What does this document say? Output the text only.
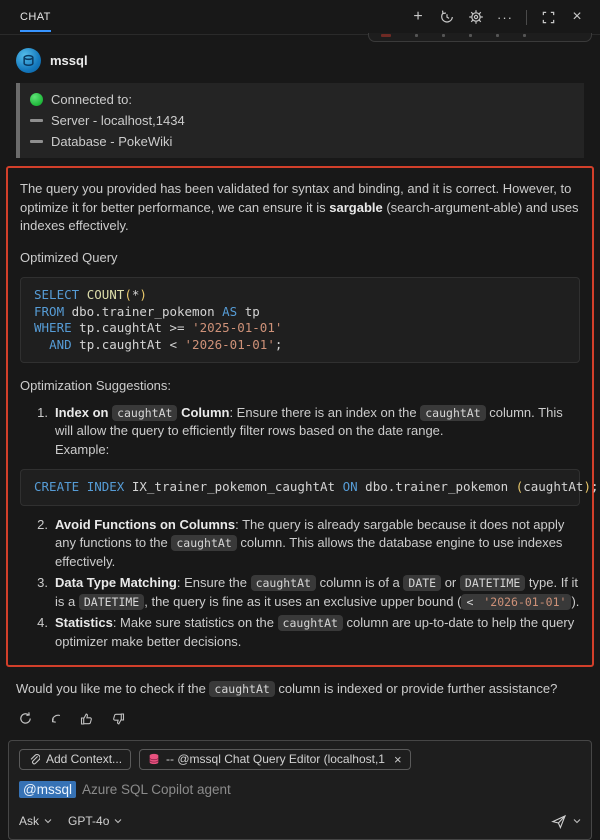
CHAT	+	···	×
mssql
Connected to:
Server - localhost,1434
Database - PokeWiki
The query you provided has been validated for syntax and binding, and it is correct. However, to optimize it for better performance, we can ensure it is sargable (search-argument-able) and uses indexes effectively.
Optimized Query
SELECT COUNT(*)
FROM dbo.trainer_pokemon AS tp
WHERE tp.caughtAt >= '2025-01-01'
AND tp.caughtAt < '2026-01-01';
Optimization Suggestions:
1. Index on caughtAt Column: Ensure there is an index on the caughtAt column. This will allow the query to efficiently filter rows based on the date range.
Example:
CREATE INDEX IX_trainer_pokemon_caughtAt ON dbo.trainer_pokemon (caughtAt);
2. Avoid Functions on Columns: The query is already sargable because it does not apply any functions to the caughtAt column. This allows the database engine to use indexes effectively.
3. Data Type Matching: Ensure the caughtAt column is of a DATE or DATETIME type. If it is a DATETIME , the query is fine as it uses an exclusive upper bound ( < '2026-01-01' ).
4. Statistics: Make sure statistics on the caughtAt column are up-to-date to help the query optimizer make better decisions.
Would you like me to check if the caughtAt column is indexed or provide further assistance?
Add Context...	-- @mssql Chat Query Editor (localhost,1 ×
@mssql Azure SQL Copilot agent
Ask GPT-4o
